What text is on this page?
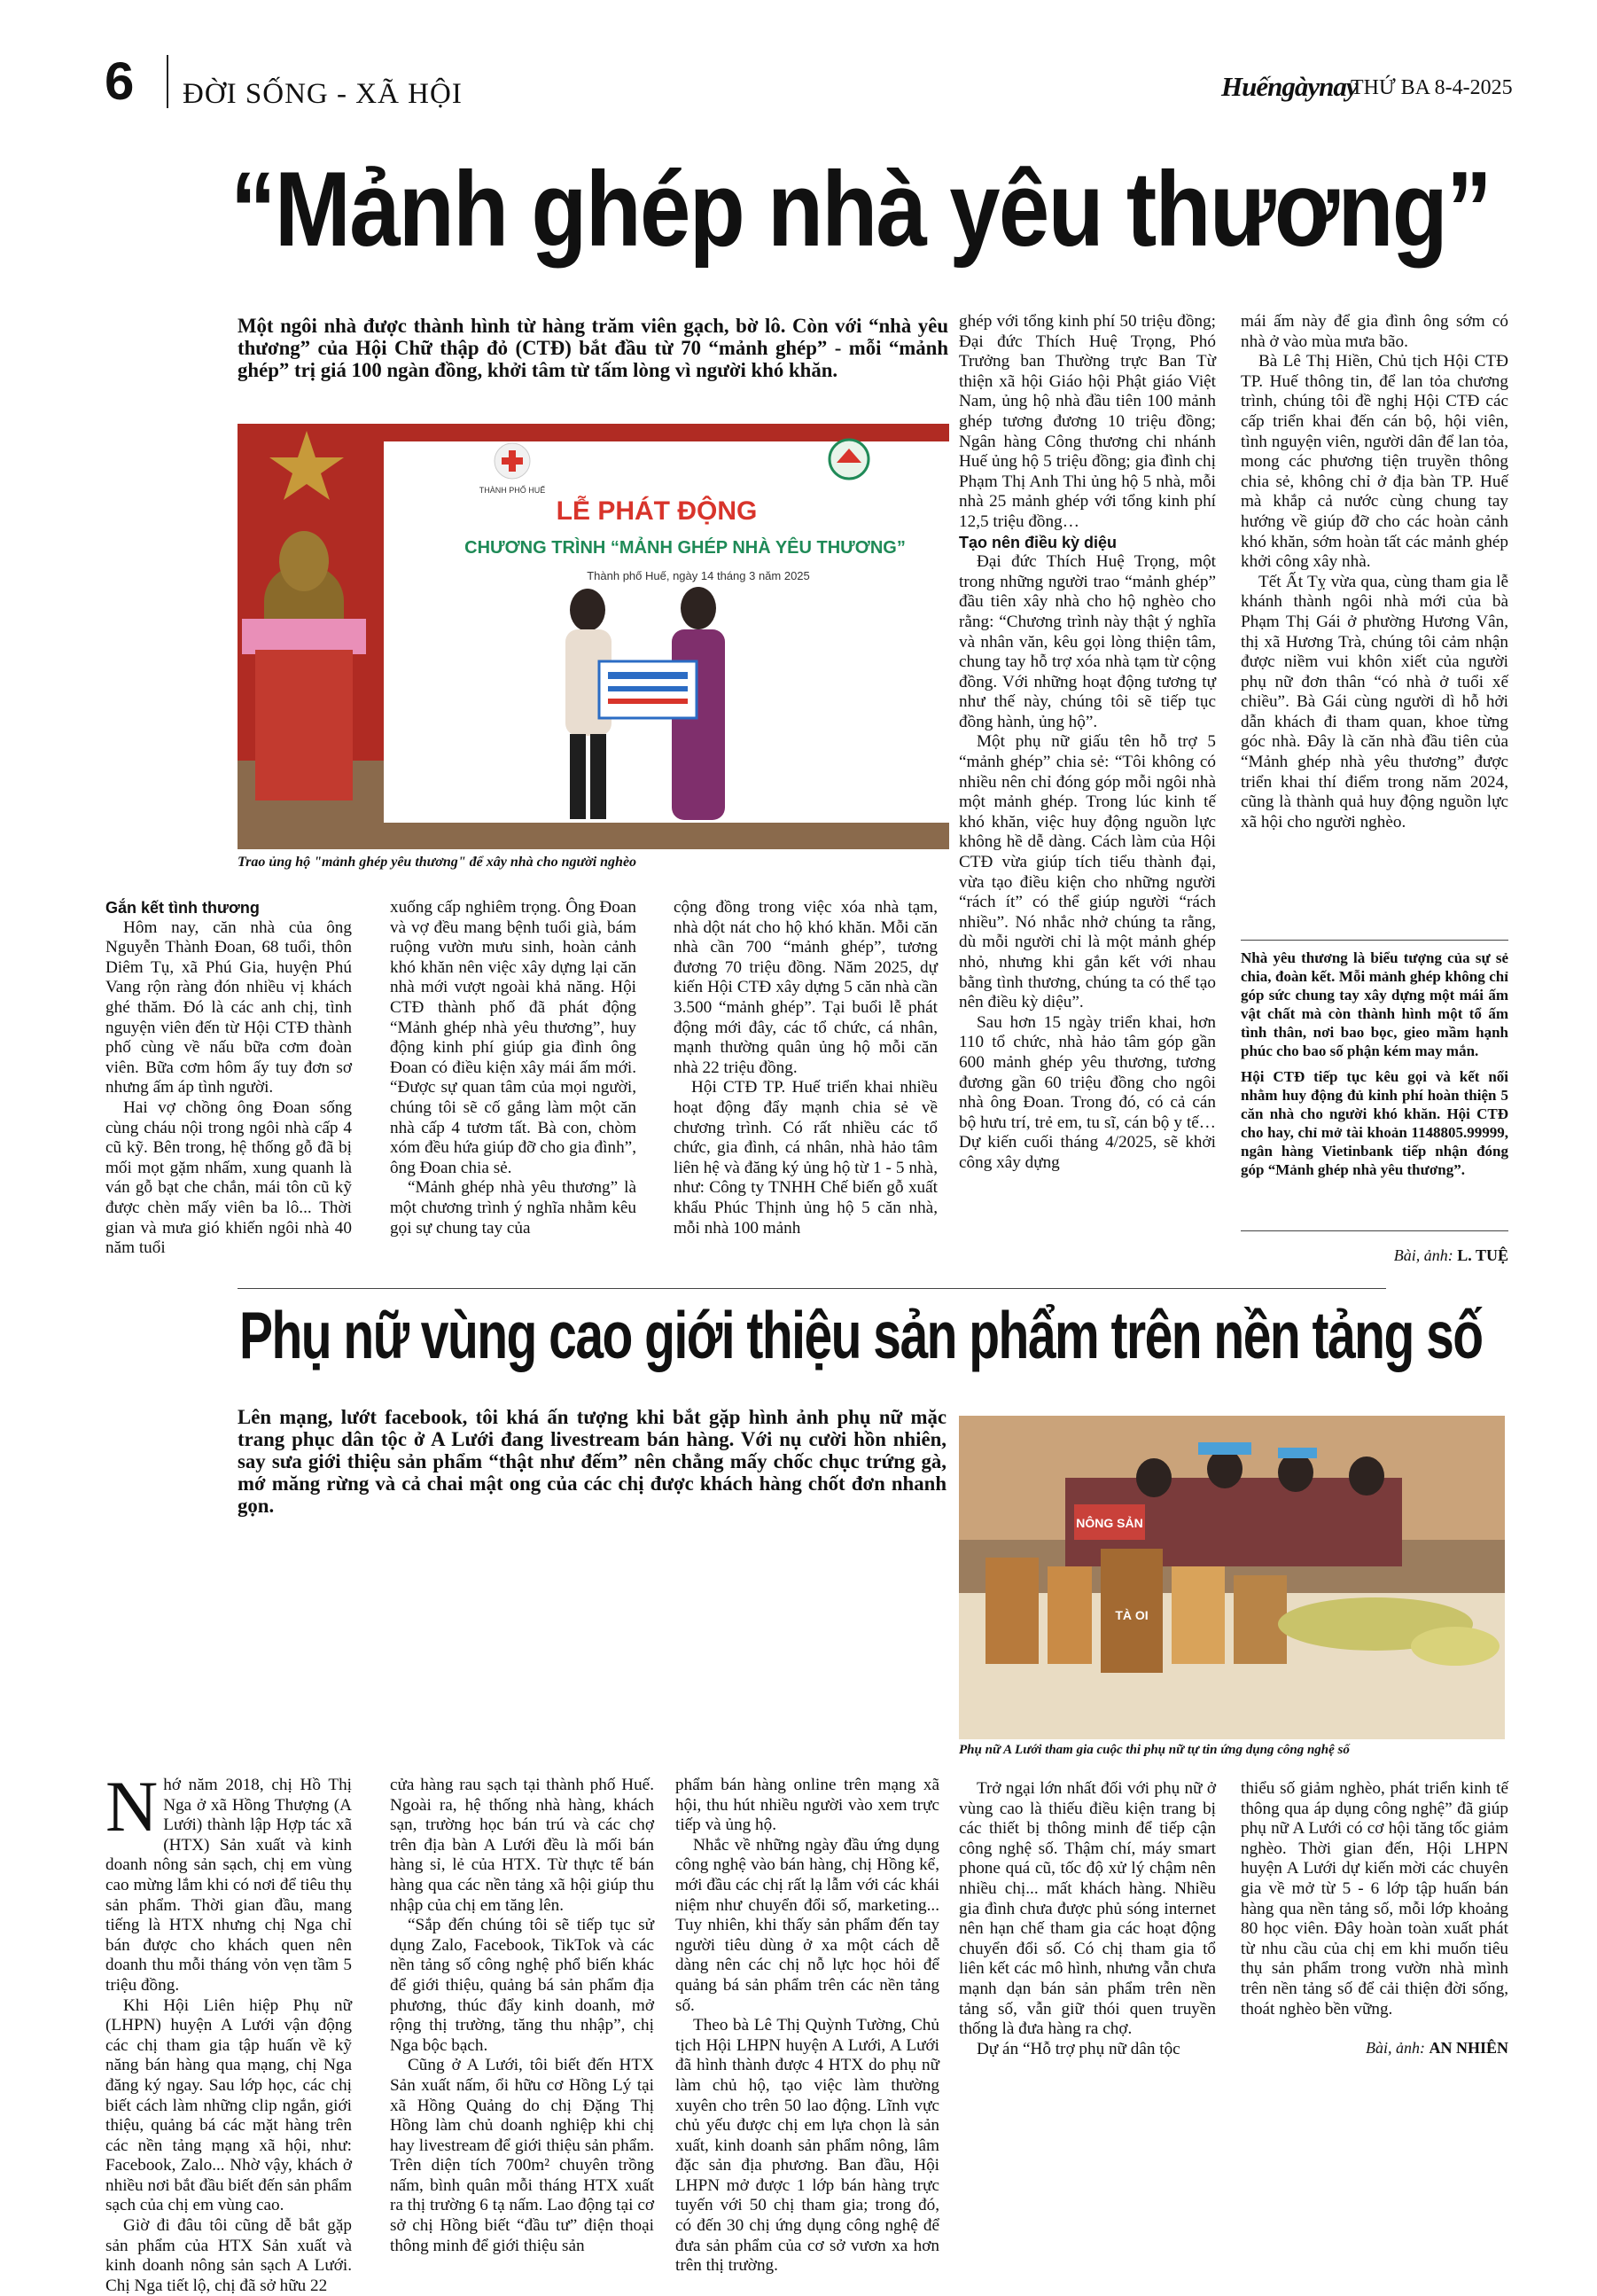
6 ĐỜI SỐNG - XÃ HỘI	Huếngàynay
THỨ BA 8-4-2025
“Mảnh ghép nhà yêu thương”

Một ngôi nhà được thành hình từ hàng trăm viên gạch, bờ lô. Còn với “nhà yêu thương” của Hội Chữ thập đỏ (CTĐ) bắt đầu từ 70 “mảnh ghép” - mỗi “mảnh ghép” trị giá 100 ngàn đồng, khởi tâm từ tấm lòng vì người khó khăn.

THÀNH PHỐ HUẾ
LỄ PHÁT ĐỘNG
CHƯƠNG TRÌNH “MẢNH GHÉP NHÀ YÊU THƯƠNG”
Thành phố Huế, ngày 14 tháng 3 năm 2025
Trao ủng hộ "mảnh ghép yêu thương" để xây nhà cho người nghèo

Gắn kết tình thương

Hôm nay, căn nhà của ông Nguyễn Thành Đoan, 68 tuổi, thôn Diêm Tụ, xã Phú Gia, huyện Phú Vang rộn ràng đón nhiều vị khách ghé thăm. Đó là các anh chị, tình nguyện viên đến từ Hội CTĐ thành phố cùng về nấu bữa cơm đoàn viên. Bữa cơm hôm ấy tuy đơn sơ nhưng ấm áp tình người.

Hai vợ chồng ông Đoan sống cùng cháu nội trong ngôi nhà cấp 4 cũ kỹ. Bên trong, hệ thống gỗ đã bị mối mọt gặm nhấm, xung quanh là ván gỗ bạt che chắn, mái tôn cũ kỹ được chèn mấy viên ba lô... Thời gian và mưa gió khiến ngôi nhà 40 năm tuổi

xuống cấp nghiêm trọng. Ông Đoan và vợ đều mang bệnh tuổi già, bám ruộng vườn mưu sinh, hoàn cảnh khó khăn nên việc xây dựng lại căn nhà mới vượt ngoài khả năng. Hội CTĐ thành phố đã phát động “Mảnh ghép nhà yêu thương”, huy động kinh phí giúp gia đình ông Đoan có điều kiện xây mái ấm mới. “Được sự quan tâm của mọi người, chúng tôi sẽ cố gắng làm một căn nhà cấp 4 tươm tất. Bà con, chòm xóm đều hứa giúp đỡ cho gia đình”, ông Đoan chia sẻ.

“Mảnh ghép nhà yêu thương” là một chương trình ý nghĩa nhằm kêu gọi sự chung tay của

cộng đồng trong việc xóa nhà tạm, nhà dột nát cho hộ khó khăn. Mỗi căn nhà cần 700 “mảnh ghép”, tương đương 70 triệu đồng. Năm 2025, dự kiến Hội CTĐ xây dựng 5 căn nhà cần 3.500 “mảnh ghép”. Tại buổi lễ phát động mới đây, các tổ chức, cá nhân, mạnh thường quân ủng hộ mỗi căn nhà 22 triệu đồng.

Hội CTĐ TP. Huế triển khai nhiều hoạt động đẩy mạnh chia sẻ về chương trình. Có rất nhiều các tổ chức, gia đình, cá nhân, nhà hảo tâm liên hệ và đăng ký ủng hộ từ 1 - 5 nhà, như: Công ty TNHH Chế biến gỗ xuất khẩu Phúc Thịnh ủng hộ 5 căn nhà, mỗi nhà 100 mảnh

ghép với tổng kinh phí 50 triệu đồng; Đại đức Thích Huệ Trọng, Phó Trưởng ban Thường trực Ban Từ thiện xã hội Giáo hội Phật giáo Việt Nam, ủng hộ nhà đầu tiên 100 mảnh ghép tương đương 10 triệu đồng; Ngân hàng Công thương chi nhánh Huế ủng hộ 5 triệu đồng; gia đình chị Phạm Thị Anh Thi ủng hộ 5 nhà, mỗi nhà 25 mảnh ghép với tổng kinh phí 12,5 triệu đồng…

Tạo nên điều kỳ diệu

Đại đức Thích Huệ Trọng, một trong những người trao “mảnh ghép” đầu tiên xây nhà cho hộ nghèo cho rằng: “Chương trình này thật ý nghĩa và nhân văn, kêu gọi lòng thiện tâm, chung tay hỗ trợ xóa nhà tạm từ cộng đồng. Với những hoạt động tương tự như thế này, chúng tôi sẽ tiếp tục đồng hành, ủng hộ”.

Một phụ nữ giấu tên hỗ trợ 5 “mảnh ghép” chia sẻ: “Tôi không có nhiều nên chỉ đóng góp mỗi ngôi nhà một mảnh ghép. Trong lúc kinh tế khó khăn, việc huy động nguồn lực không hề dễ dàng. Cách làm của Hội CTĐ vừa giúp tích tiểu thành đại, vừa tạo điều kiện cho những người “rách ít” có thể giúp người “rách nhiều”. Nó nhắc nhở chúng ta rằng, dù mỗi người chỉ là một mảnh ghép nhỏ, nhưng khi gắn kết với nhau bằng tình thương, chúng ta có thể tạo nên điều kỳ diệu”.

Sau hơn 15 ngày triển khai, hơn 110 tổ chức, nhà hảo tâm góp gần 600 mảnh ghép yêu thương, tương đương gần 60 triệu đồng cho ngôi nhà ông Đoan. Trong đó, có cả cán bộ hưu trí, trẻ em, tu sĩ, cán bộ y tế… Dự kiến cuối tháng 4/2025, sẽ khởi công xây dựng

mái ấm này để gia đình ông sớm có nhà ở vào mùa mưa bão.

Bà Lê Thị Hiền, Chủ tịch Hội CTĐ TP. Huế thông tin, để lan tỏa chương trình, chúng tôi đề nghị Hội CTĐ các cấp triển khai đến cán bộ, hội viên, tình nguyện viên, người dân để lan tỏa, mong các phương tiện truyền thông chia sẻ, không chỉ ở địa bàn TP. Huế mà khắp cả nước cùng chung tay hướng về giúp đỡ cho các hoàn cảnh khó khăn, sớm hoàn tất các mảnh ghép khởi công xây nhà.

Tết Ất Tỵ vừa qua, cùng tham gia lễ khánh thành ngôi nhà mới của bà Phạm Thị Gái ở phường Hương Vân, thị xã Hương Trà, chúng tôi cảm nhận được niềm vui khôn xiết của người phụ nữ đơn thân “có nhà ở tuổi xế chiều”. Bà Gái cùng người dì hỗ hởi dẫn khách đi tham quan, khoe từng góc nhà. Đây là căn nhà đầu tiên của “Mảnh ghép nhà yêu thương” được triển khai thí điểm trong năm 2024, cũng là thành quả huy động nguồn lực xã hội cho người nghèo.

Nhà yêu thương là biểu tượng của sự sẻ chia, đoàn kết. Mỗi mảnh ghép không chỉ góp sức chung tay xây dựng một mái ấm vật chất mà còn thành hình một tổ ấm tình thân, nơi bao bọc, gieo mầm hạnh phúc cho bao số phận kém may mắn.

Hội CTĐ tiếp tục kêu gọi và kết nối nhằm huy động đủ kinh phí hoàn thiện 5 căn nhà cho người khó khăn. Hội CTĐ cho hay, chỉ mở tài khoản 1148805.99999, ngân hàng Vietinbank tiếp nhận đóng góp “Mảnh ghép nhà yêu thương”.

Bài, ảnh: L. TUỆ
Phụ nữ vùng cao giới thiệu sản phẩm trên nền tảng số

Lên mạng, lướt facebook, tôi khá ấn tượng khi bắt gặp hình ảnh phụ nữ mặc trang phục dân tộc ở A Lưới đang livestream bán hàng. Với nụ cười hồn nhiên, say sưa giới thiệu sản phẩm “thật như đếm” nên chẳng mấy chốc chục trứng gà, mớ măng rừng và cả chai mật ong của các chị được khách hàng chốt đơn nhanh gọn.

NÔNG SẢN
TÀ OI
Phụ nữ A Lưới tham gia cuộc thi phụ nữ tự tin ứng dụng công nghệ số
N hớ năm 2018, chị Hồ Thị Nga ở xã Hồng Thượng (A Lưới) thành lập Hợp tác xã (HTX) Sản xuất và kinh doanh nông sản sạch, chị em vùng cao mừng lắm khi có nơi để tiêu thụ sản phẩm. Thời gian đầu, mang tiếng là HTX nhưng chị Nga chỉ bán được cho khách quen nên doanh thu mỗi tháng vỏn vẹn tầm 5 triệu đồng.

Khi Hội Liên hiệp Phụ nữ (LHPN) huyện A Lưới vận động các chị tham gia tập huấn về kỹ năng bán hàng qua mạng, chị Nga đăng ký ngay. Sau lớp học, các chị biết cách làm những clip ngắn, giới thiệu, quảng bá các mặt hàng trên các nền tảng mạng xã hội, như: Facebook, Zalo... Nhờ vậy, khách ở nhiều nơi bắt đầu biết đến sản phẩm sạch của chị em vùng cao.

Giờ đi đâu tôi cũng dễ bắt gặp sản phẩm của HTX Sản xuất và kinh doanh nông sản sạch A Lưới. Chị Nga tiết lộ, chị đã sở hữu 22

cửa hàng rau sạch tại thành phố Huế. Ngoài ra, hệ thống nhà hàng, khách sạn, trường học bán trú và các chợ trên địa bàn A Lưới đều là mối bán hàng sỉ, lẻ của HTX. Từ thực tế bán hàng qua các nền tảng xã hội giúp thu nhập của chị em tăng lên.

“Sắp đến chúng tôi sẽ tiếp tục sử dụng Zalo, Facebook, TikTok và các nền tảng số công nghệ phổ biến khác để giới thiệu, quảng bá sản phẩm địa phương, thúc đẩy kinh doanh, mở rộng thị trường, tăng thu nhập”, chị Nga bộc bạch.

Cũng ở A Lưới, tôi biết đến HTX Sản xuất nấm, ổi hữu cơ Hồng Lý tại xã Hồng Quảng do chị Đặng Thị Hồng làm chủ doanh nghiệp khi chị hay livestream để giới thiệu sản phẩm. Trên diện tích 700m² chuyên trồng nấm, bình quân mỗi tháng HTX xuất ra thị trường 6 tạ nấm. Lao động tại cơ sở chị Hồng biết “đầu tư” điện thoại thông minh để giới thiệu sản

phẩm bán hàng online trên mạng xã hội, thu hút nhiều người vào xem trực tiếp và ủng hộ.

Nhắc về những ngày đầu ứng dụng công nghệ vào bán hàng, chị Hồng kể, mới đầu các chị rất lạ lẫm với các khái niệm như chuyển đổi số, marketing... Tuy nhiên, khi thấy sản phẩm đến tay người tiêu dùng ở xa một cách dễ dàng nên các chị nỗ lực học hỏi để quảng bá sản phẩm trên các nền tảng số.

Theo bà Lê Thị Quỳnh Tường, Chủ tịch Hội LHPN huyện A Lưới, A Lưới đã hình thành được 4 HTX do phụ nữ làm chủ hộ, tạo việc làm thường xuyên cho trên 50 lao động. Lĩnh vực chủ yếu được chị em lựa chọn là sản xuất, kinh doanh sản phẩm nông, lâm đặc sản địa phương. Ban đầu, Hội LHPN mở được 1 lớp bán hàng trực tuyến với 50 chị tham gia; trong đó, có đến 30 chị ứng dụng công nghệ để đưa sản phẩm của cơ sở vươn xa hơn trên thị trường.

Trở ngại lớn nhất đối với phụ nữ ở vùng cao là thiếu điều kiện trang bị các thiết bị thông minh để tiếp cận công nghệ số. Thậm chí, máy smart phone quá cũ, tốc độ xử lý chậm nên nhiều chị... mất khách hàng. Nhiều gia đình chưa được phủ sóng internet nên hạn chế tham gia các hoạt động chuyển đổi số. Có chị tham gia tổ liên kết các mô hình, nhưng vẫn chưa mạnh dạn bán sản phẩm trên nền tảng số, vẫn giữ thói quen truyền thống là đưa hàng ra chợ.

Dự án “Hỗ trợ phụ nữ dân tộc

thiểu số giảm nghèo, phát triển kinh tế thông qua áp dụng công nghệ” đã giúp phụ nữ A Lưới có cơ hội tăng tốc giảm nghèo. Thời gian đến, Hội LHPN huyện A Lưới dự kiến mời các chuyên gia về mở từ 5 - 6 lớp tập huấn bán hàng qua nền tảng số, mỗi lớp khoảng 80 học viên. Đây hoàn toàn xuất phát từ nhu cầu của chị em khi muốn tiêu thụ sản phẩm trong vườn nhà mình trên nền tảng số để cải thiện đời sống, thoát nghèo bền vững.

Bài, ảnh: AN NHIÊN
